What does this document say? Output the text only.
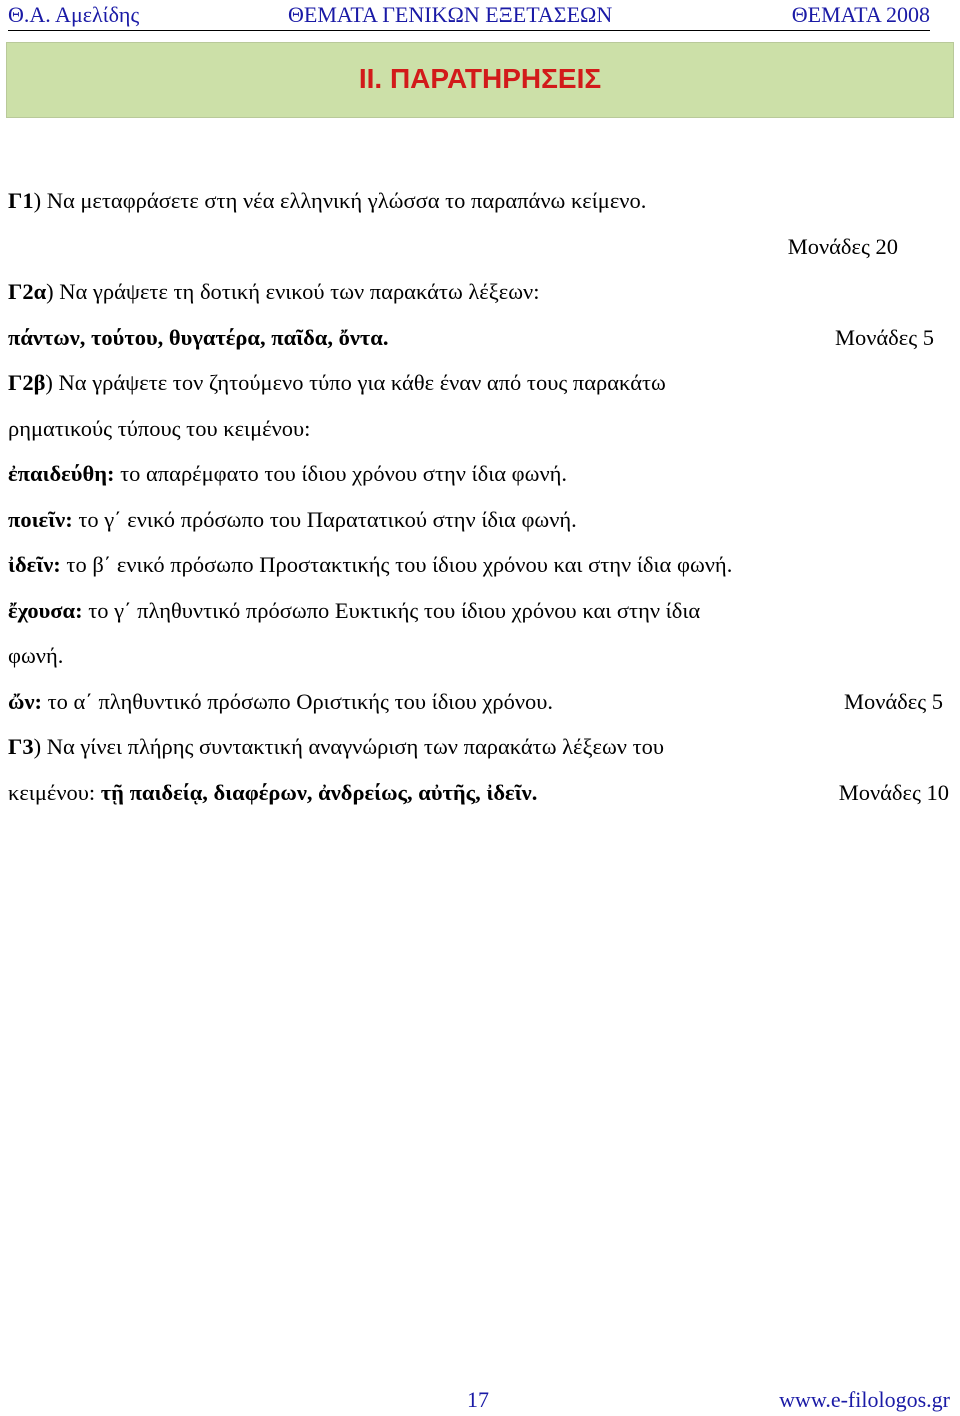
Θ.Α. Αμελίδης	ΘΕΜΑΤΑ ΓΕΝΙΚΩΝ ΕΞΕΤΑΣΕΩΝ	ΘΕΜΑΤΑ 2008
ΙΙ. ΠΑΡΑΤΗΡΗΣΕΙΣ
Γ1) Να μεταφράσετε στη νέα ελληνική γλώσσα το παραπάνω κείμενο.
Μονάδες 20
Γ2α) Να γράψετε τη δοτική ενικού των παρακάτω λέξεων:
πάντων, τούτου, θυγατέρα, παῖδα, ὄντα.	Μονάδες 5
Γ2β) Να γράψετε τον ζητούμενο τύπο για κάθε έναν από τους παρακάτω
ρηματικούς τύπους του κειμένου:
ἐπαιδεύθη: το απαρέμφατο του ίδιου χρόνου στην ίδια φωνή.
ποιεῖν: το γ΄ ενικό πρόσωπο του Παρατατικού στην ίδια φωνή.
ἰδεῖν: το β΄ ενικό πρόσωπο Προστακτικής του ίδιου χρόνου και στην ίδια φωνή.
ἔχουσα: το γ΄ πληθυντικό πρόσωπο Ευκτικής του ίδιου χρόνου και στην ίδια
φωνή.
ὤν: το α΄ πληθυντικό πρόσωπο Οριστικής του ίδιου χρόνου.	Μονάδες 5
Γ3) Να γίνει πλήρης συντακτική αναγνώριση των παρακάτω λέξεων του
κειμένου: τῇ παιδείᾳ, διαφέρων, ἀνδρείως, αὐτῆς, ἰδεῖν.	Μονάδες 10
17	www.e-filologos.gr
